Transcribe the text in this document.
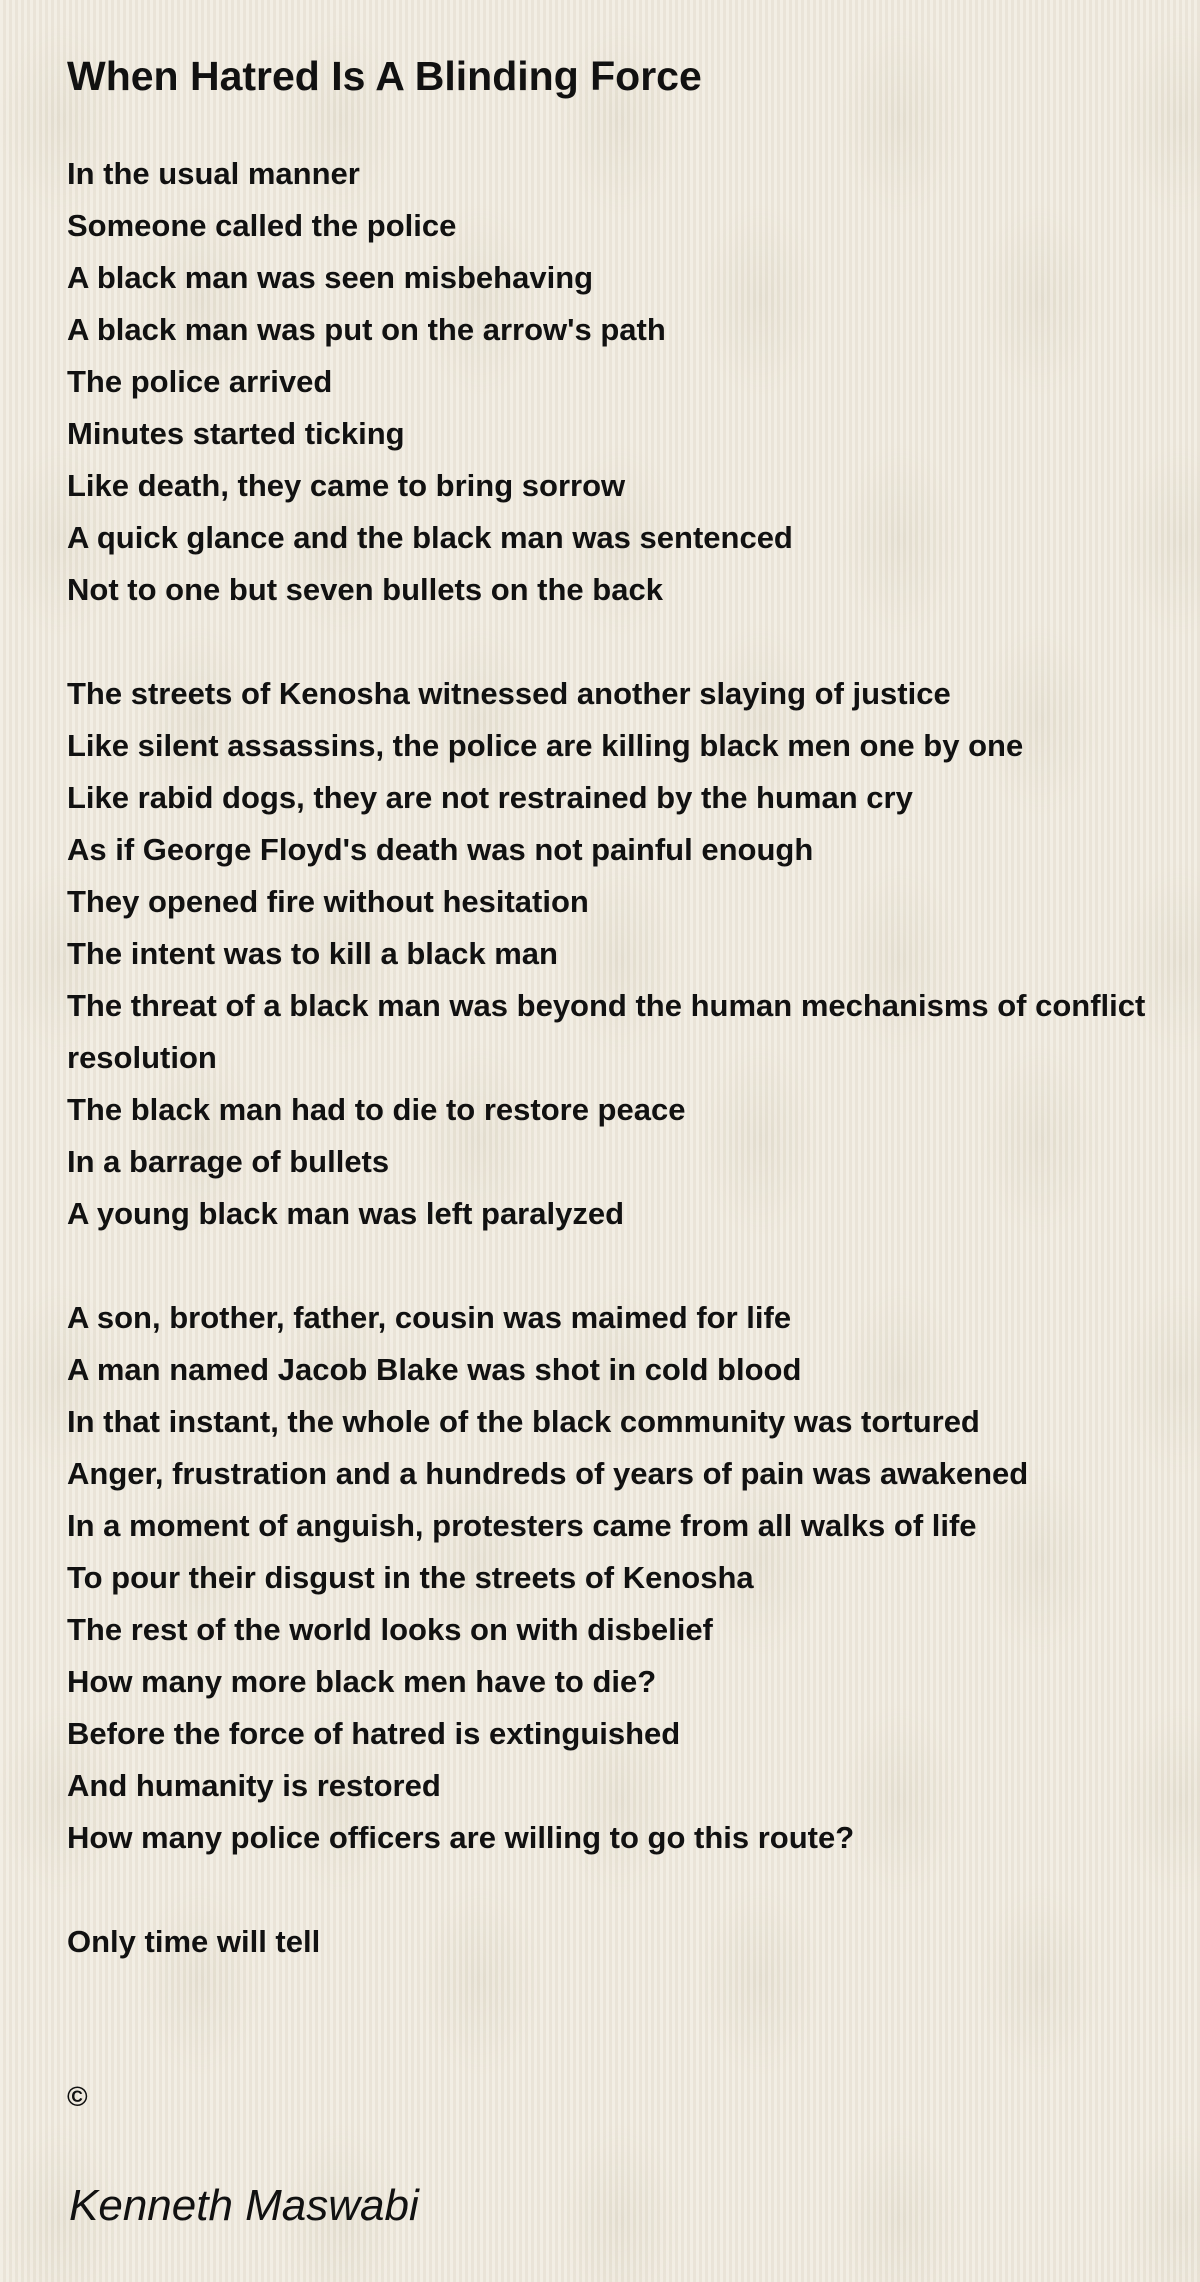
When Hatred Is A Blinding Force
In the usual manner
Someone called the police
A black man was seen misbehaving
A black man was put on the arrow's path
The police arrived
Minutes started ticking
Like death, they came to bring sorrow
A quick glance and the black man was sentenced
Not to one but seven bullets on the back
The streets of Kenosha witnessed another slaying of justice
Like silent assassins, the police are killing black men one by one
Like rabid dogs, they are not restrained by the human cry
As if George Floyd's death was not painful enough
They opened fire without hesitation
The intent was to kill a black man
The threat of a black man was beyond the human mechanisms of conflict
resolution
The black man had to die to restore peace
In a barrage of bullets
A young black man was left paralyzed
A son, brother, father, cousin was maimed for life
A man named Jacob Blake was shot in cold blood
In that instant, the whole of the black community was tortured
Anger, frustration and a hundreds of years of pain was awakened
In a moment of anguish, protesters came from all walks of life
To pour their disgust in the streets of Kenosha
The rest of the world looks on with disbelief
How many more black men have to die?
Before the force of hatred is extinguished
And humanity is restored
How many police officers are willing to go this route?
Only time will tell
©
Kenneth Maswabi
